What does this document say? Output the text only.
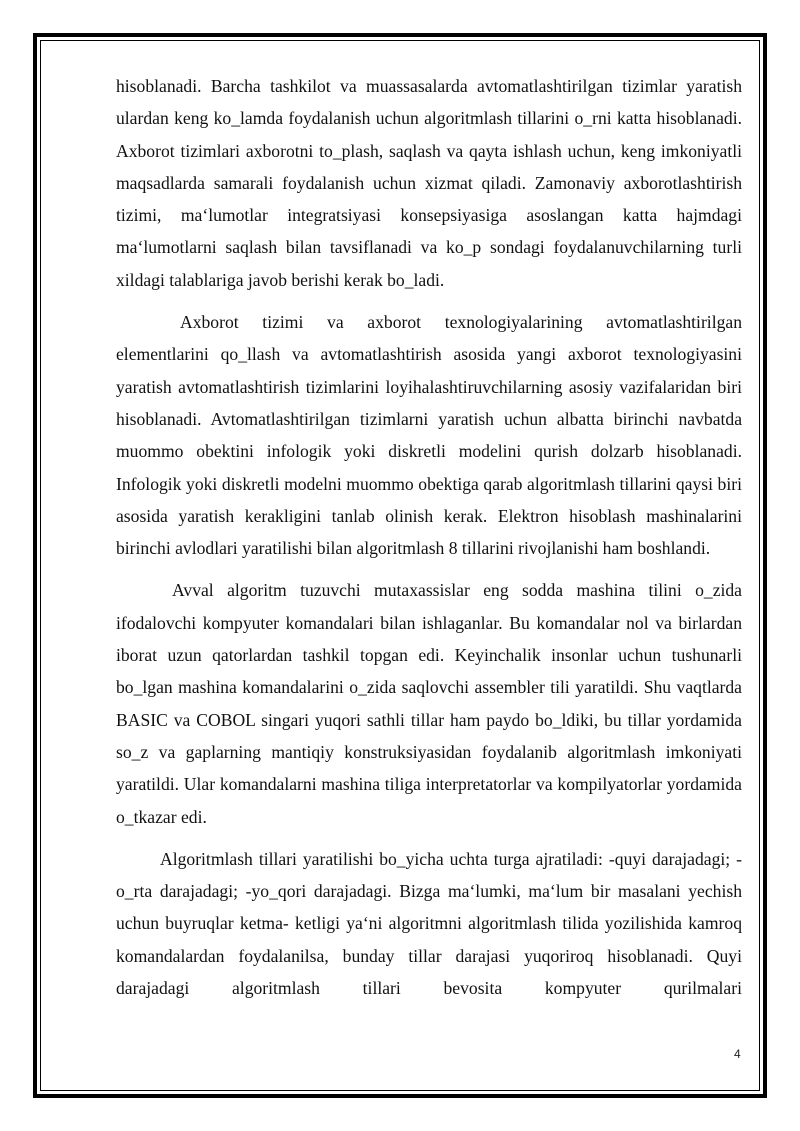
hisoblanadi. Barcha tashkilot va muassasalarda avtomatlashtirilgan tizimlar yaratish ulardan keng ko_lamda foydalanish uchun algoritmlash tillarini o_rni katta hisoblanadi. Axborot tizimlari axborotni to_plash, saqlash va qayta ishlash uchun, keng imkoniyatli maqsadlarda samarali foydalanish uchun xizmat qiladi. Zamonaviy axborotlashtirish tizimi, ma‘lumotlar integratsiyasi konsepsiyasiga asoslangan katta hajmdagi ma‘lumotlarni saqlash bilan tavsiflanadi va ko_p sondagi foydalanuvchilarning turli xildagi talablariga javob berishi kerak bo_ladi.

Axborot tizimi va axborot texnologiyalarining avtomatlashtirilgan elementlarini qo_llash va avtomatlashtirish asosida yangi axborot texnologiyasini yaratish avtomatlashtirish tizimlarini loyihalashtiruvchilarning asosiy vazifalaridan biri hisoblanadi. Avtomatlashtirilgan tizimlarni yaratish uchun albatta birinchi navbatda muommo obektini infologik yoki diskretli modelini qurish dolzarb hisoblanadi. Infologik yoki diskretli modelni muommo obektiga qarab algoritmlash tillarini qaysi biri asosida yaratish kerakligini tanlab olinish kerak. Elektron hisoblash mashinalarini birinchi avlodlari yaratilishi bilan algoritmlash 8 tillarini rivojlanishi ham boshlandi.

Avval algoritm tuzuvchi mutaxassislar eng sodda mashina tilini o_zida ifodalovchi kompyuter komandalari bilan ishlaganlar. Bu komandalar nol va birlardan iborat uzun qatorlardan tashkil topgan edi. Keyinchalik insonlar uchun tushunarli bo_lgan mashina komandalarini o_zida saqlovchi assembler tili yaratildi. Shu vaqtlarda BASIC va COBOL singari yuqori sathli tillar ham paydo bo_ldiki, bu tillar yordamida so_z va gaplarning mantiqiy konstruksiyasidan foydalanib algoritmlash imkoniyati yaratildi. Ular komandalarni mashina tiliga interpretatorlar va kompilyatorlar yordamida o_tkazar edi.

Algoritmlash tillari yaratilishi bo_yicha uchta turga ajratiladi: -quyi darajadagi; -o_rta darajadagi; -yo_qori darajadagi. Bizga ma‘lumki, ma‘lum bir masalani yechish uchun buyruqlar ketma- ketligi ya‘ni algoritmni algoritmlash tilida yozilishida kamroq komandalardan foydalanilsa, bunday tillar darajasi yuqoriroq hisoblanadi. Quyi darajadagi algoritmlash tillari bevosita kompyuter qurilmalari

4
